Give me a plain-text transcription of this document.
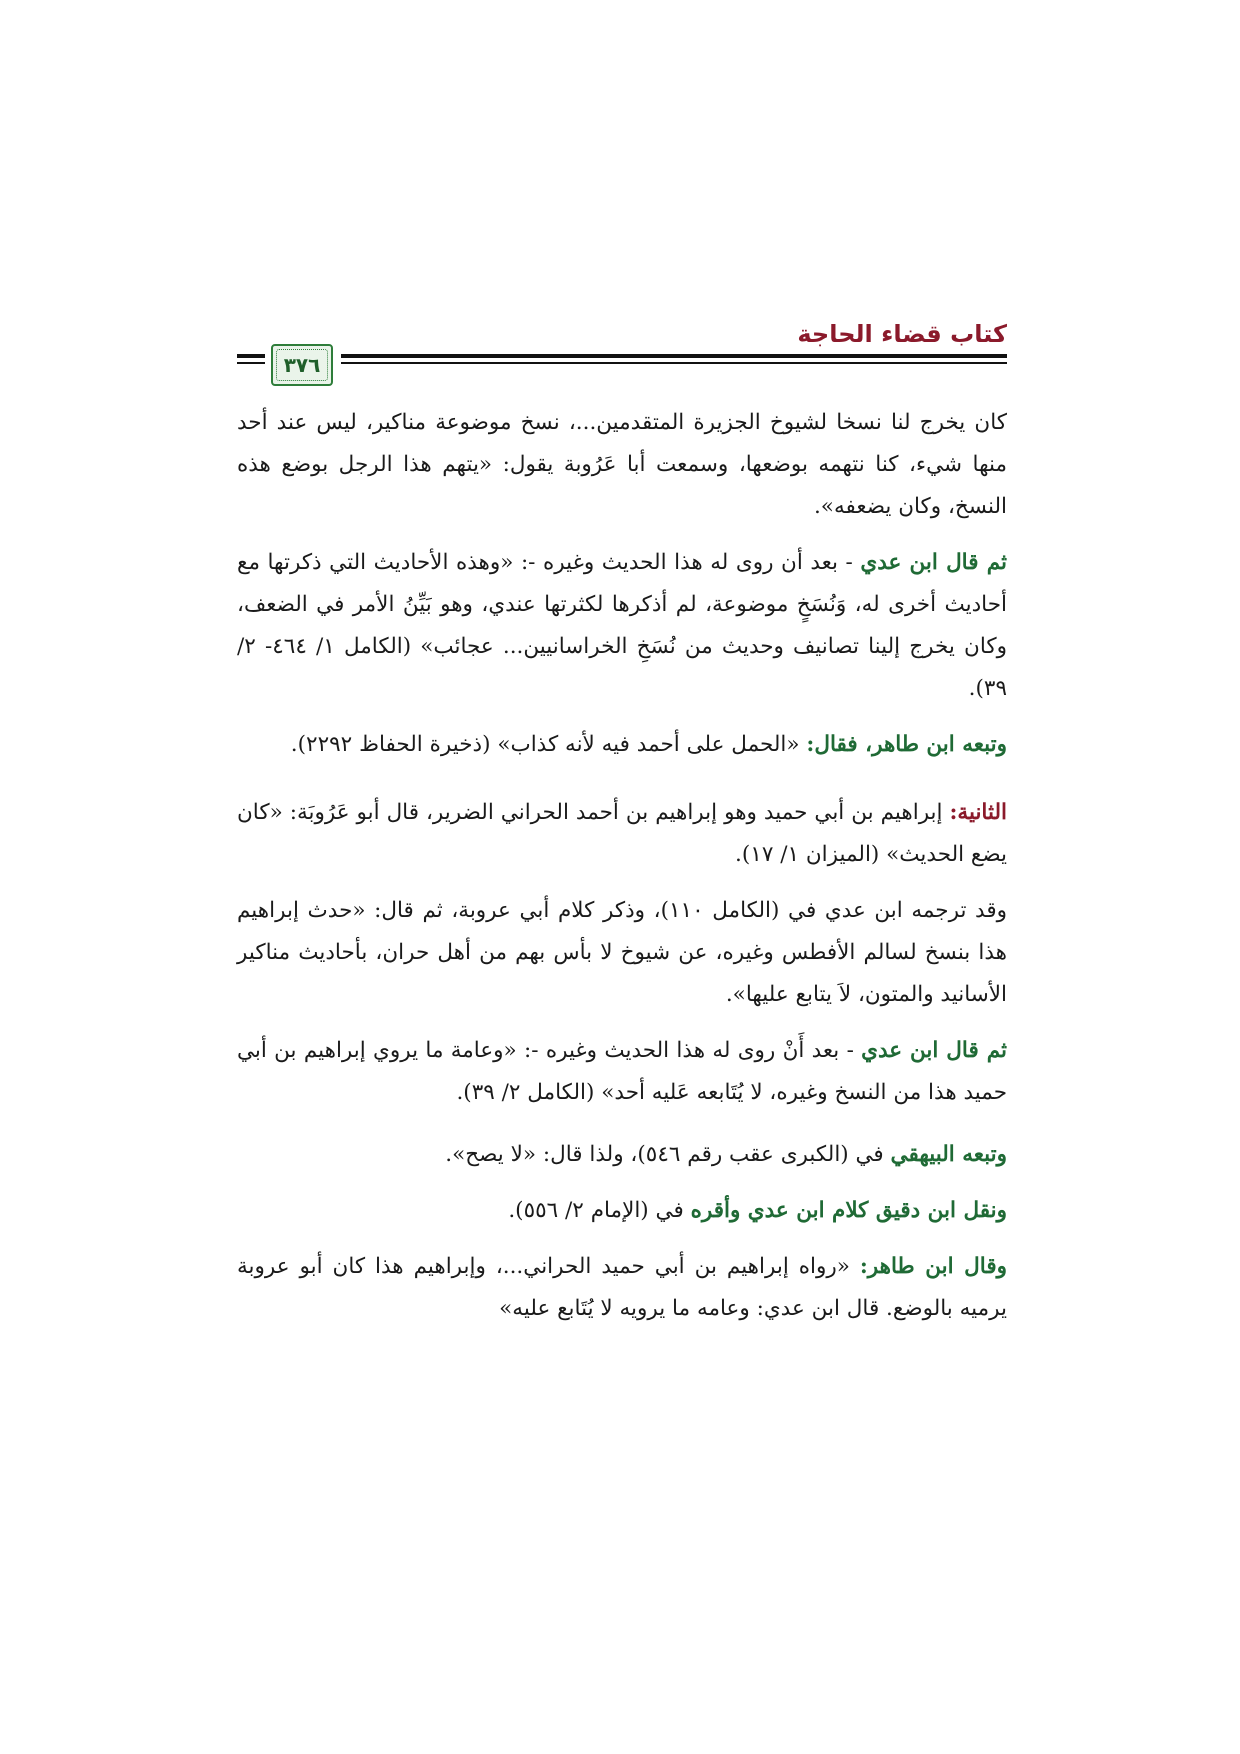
كتاب قضاء الحاجة
٣٧٦

كان يخرج لنا نسخا لشيوخ الجزيرة المتقدمين...، نسخ موضوعة مناكير، ليس عند أحد منها شيء، كنا نتهمه بوضعها، وسمعت أبا عَرُوبة يقول: «يتهم هذا الرجل بوضع هذه النسخ، وكان يضعفه».

ثم قال ابن عدي - بعد أن روى له هذا الحديث وغيره -: «وهذه الأحاديث التي ذكرتها مع أحاديث أخرى له، وَنُسَخٍ موضوعة، لم أذكرها لكثرتها عندي، وهو بَيِّنُ الأمر في الضعف، وكان يخرج إلينا تصانيف وحديث من نُسَخِ الخراسانيين... عجائب» (الكامل ١/ ٤٦٤- ٢/ ٣٩).

وتبعه ابن طاهر، فقال: «الحمل على أحمد فيه لأنه كذاب» (ذخيرة الحفاظ ٢٢٩٢).

الثانية: إبراهيم بن أبي حميد وهو إبراهيم بن أحمد الحراني الضرير، قال أبو عَرُوبَة: «كان يضع الحديث» (الميزان ١/ ١٧).

وقد ترجمه ابن عدي في (الكامل ١١٠)، وذكر كلام أبي عروبة، ثم قال: «حدث إبراهيم هذا بنسخ لسالم الأفطس وغيره، عن شيوخ لا بأس بهم من أهل حران، بأحاديث مناكير الأسانيد والمتون، لاَ يتابع عليها».

ثم قال ابن عدي - بعد أَنْ روى له هذا الحديث وغيره -: «وعامة ما يروي إبراهيم بن أبي حميد هذا من النسخ وغيره، لا يُتَابعه عَليه أحد» (الكامل ٢/ ٣٩).

وتبعه البيهقي في (الكبرى عقب رقم ٥٤٦)، ولذا قال: «لا يصح».

ونقل ابن دقيق كلام ابن عدي وأقره في (الإمام ٢/ ٥٥٦).

وقال ابن طاهر: «رواه إبراهيم بن أبي حميد الحراني...، وإبراهيم هذا كان أبو عروبة يرميه بالوضع. قال ابن عدي: وعامه ما يرويه لا يُتَابع عليه»
